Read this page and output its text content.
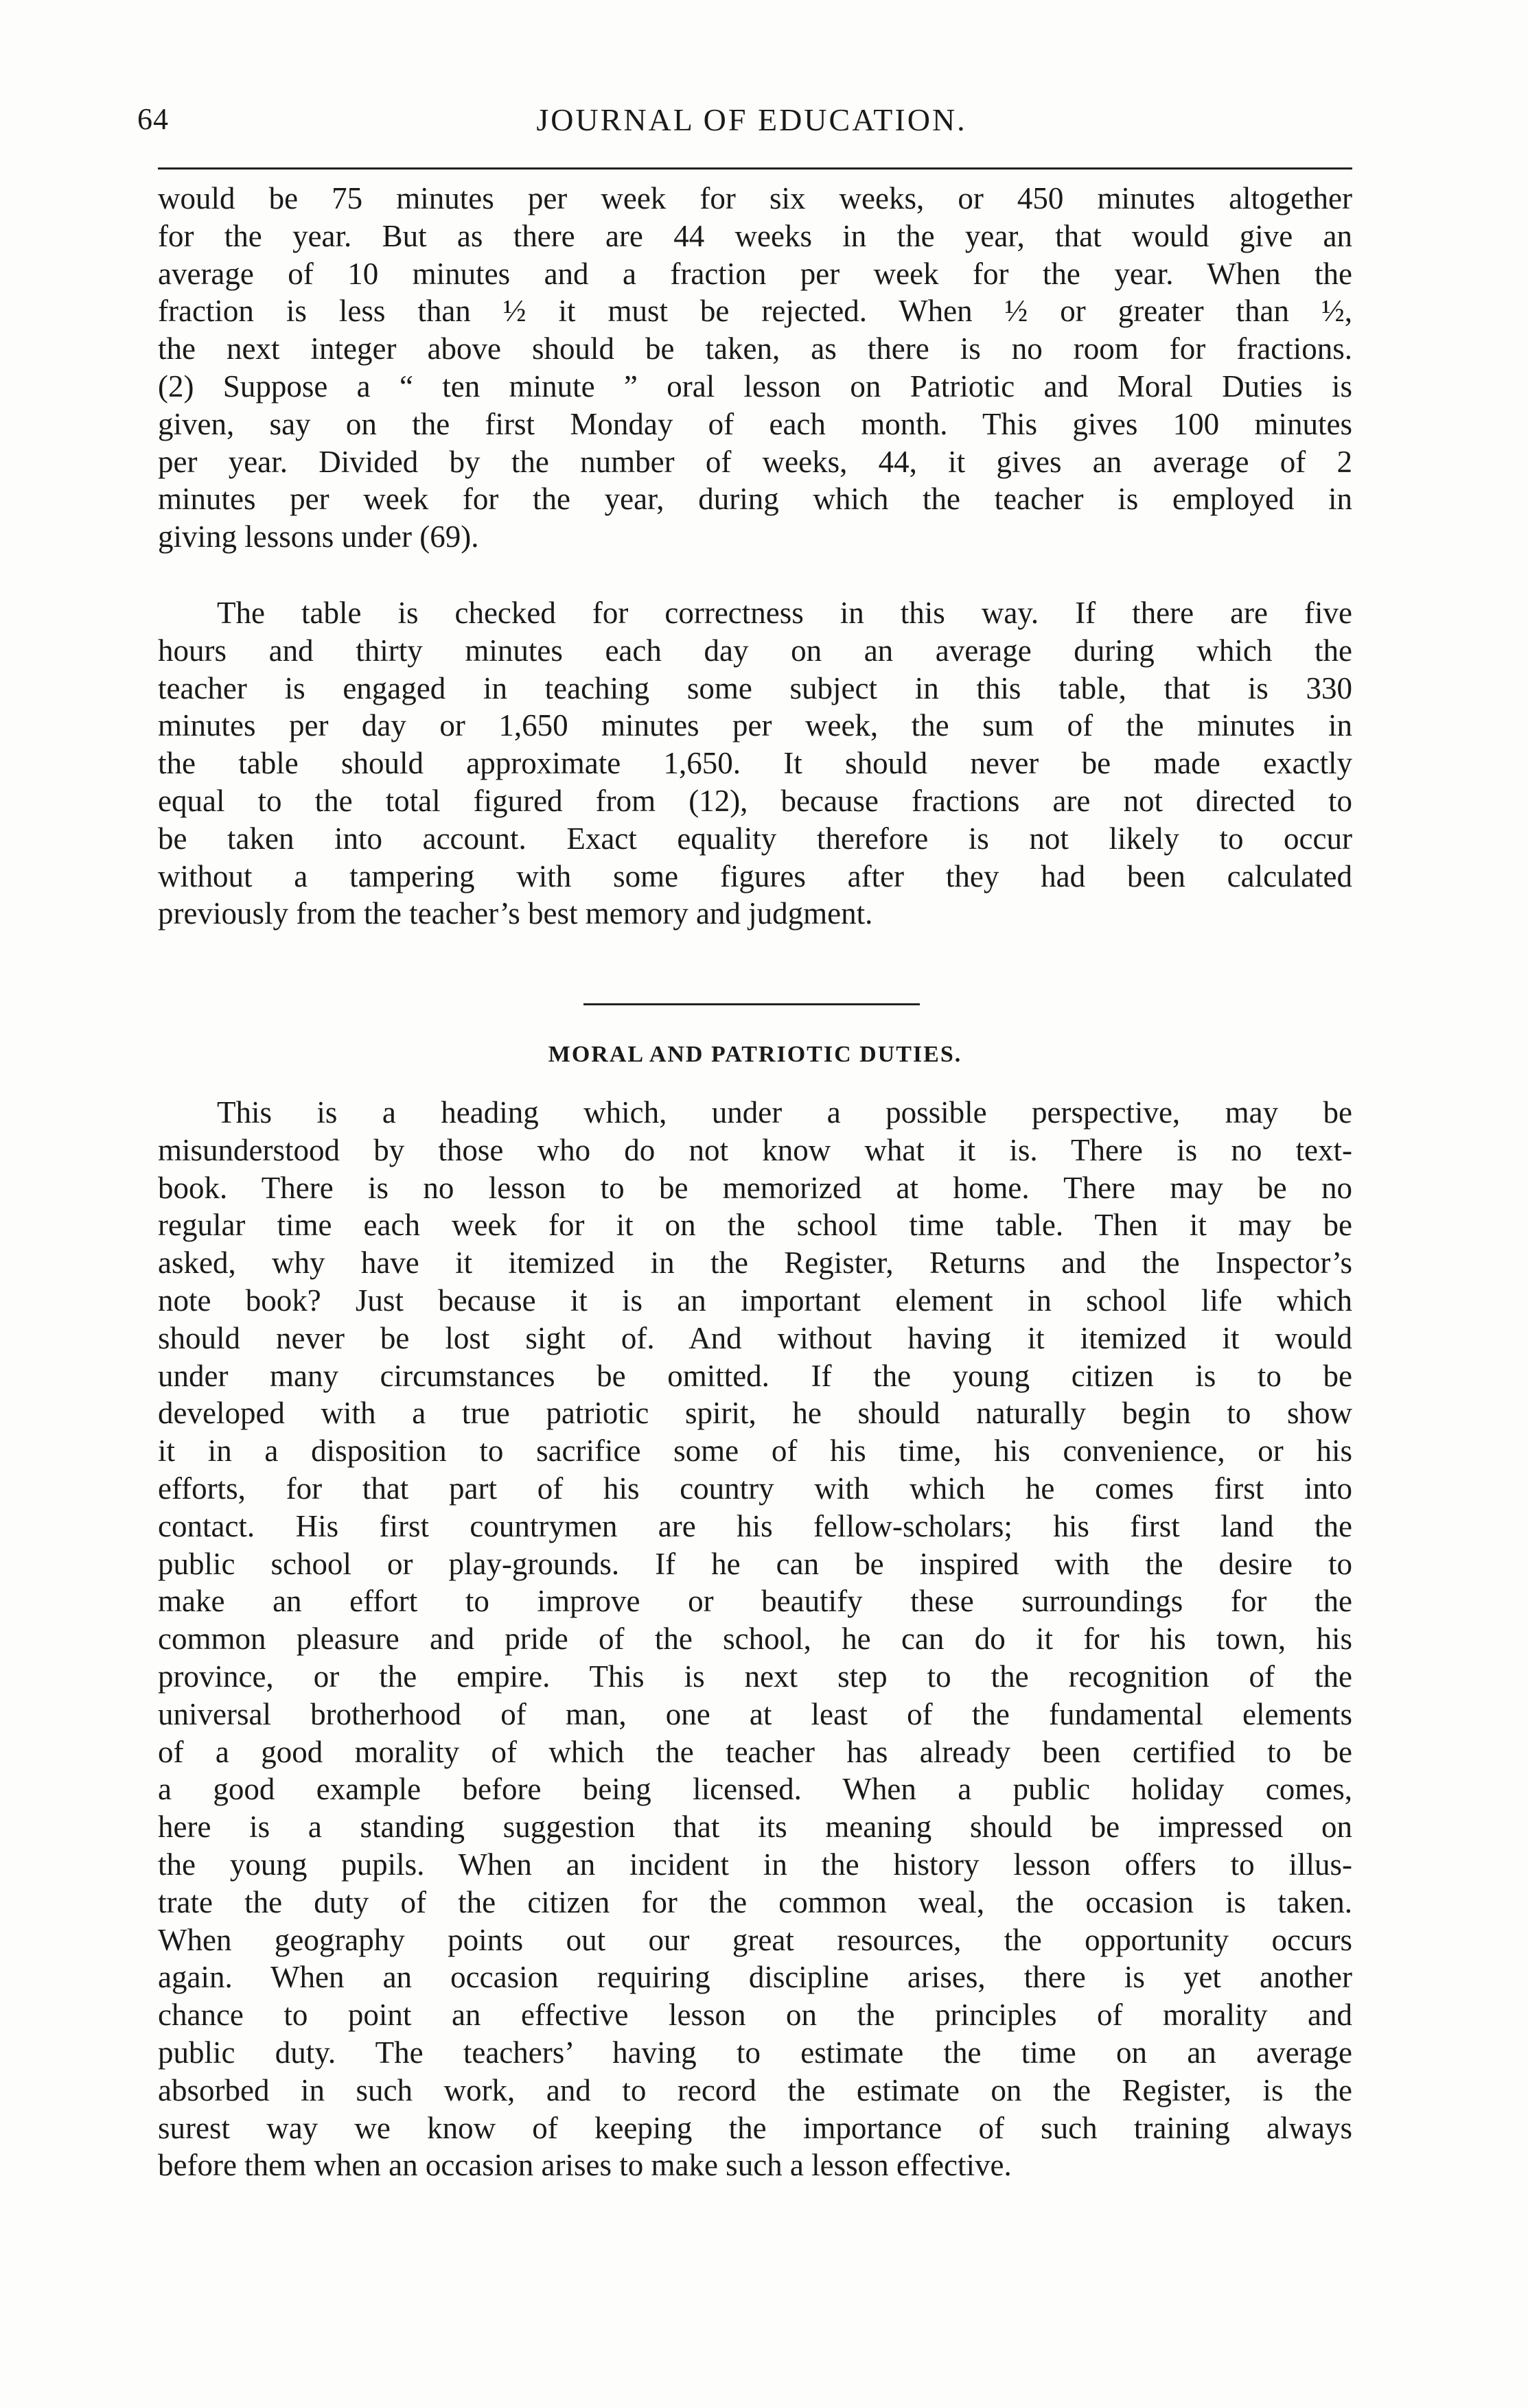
64	JOURNAL OF EDUCATION.
would be 75 minutes per week for six weeks, or 450 minutes altogether
for the year. But as there are 44 weeks in the year, that would give an
average of 10 minutes and a fraction per week for the year. When the
fraction is less than ½ it must be rejected. When ½ or greater than ½,
the next integer above should be taken, as there is no room for fractions.
(2) Suppose a “ ten minute ” oral lesson on Patriotic and Moral Duties is
given, say on the first Monday of each month. This gives 100 minutes
per year. Divided by the number of weeks, 44, it gives an average of 2
minutes per week for the year, during which the teacher is employed in
giving lessons under (69).
The table is checked for correctness in this way. If there are five
hours and thirty minutes each day on an average during which the
teacher is engaged in teaching some subject in this table, that is 330
minutes per day or 1,650 minutes per week, the sum of the minutes in
the table should approximate 1,650. It should never be made exactly
equal to the total figured from (12), because fractions are not directed to
be taken into account. Exact equality therefore is not likely to occur
without a tampering with some figures after they had been calculated
previously from the teacher’s best memory and judgment.
MORAL AND PATRIOTIC DUTIES.
This is a heading which, under a possible perspective, may be
misunderstood by those who do not know what it is. There is no text-
book. There is no lesson to be memorized at home. There may be no
regular time each week for it on the school time table. Then it may be
asked, why have it itemized in the Register, Returns and the Inspector’s
note book? Just because it is an important element in school life which
should never be lost sight of. And without having it itemized it would
under many circumstances be omitted. If the young citizen is to be
developed with a true patriotic spirit, he should naturally begin to show
it in a disposition to sacrifice some of his time, his convenience, or his
efforts, for that part of his country with which he comes first into
contact. His first countrymen are his fellow-scholars; his first land the
public school or play-grounds. If he can be inspired with the desire to
make an effort to improve or beautify these surroundings for the
common pleasure and pride of the school, he can do it for his town, his
province, or the empire. This is next step to the recognition of the
universal brotherhood of man, one at least of the fundamental elements
of a good morality of which the teacher has already been certified to be
a good example before being licensed. When a public holiday comes,
here is a standing suggestion that its meaning should be impressed on
the young pupils. When an incident in the history lesson offers to illus-
trate the duty of the citizen for the common weal, the occasion is taken.
When geography points out our great resources, the opportunity occurs
again. When an occasion requiring discipline arises, there is yet another
chance to point an effective lesson on the principles of morality and
public duty. The teachers’ having to estimate the time on an average
absorbed in such work, and to record the estimate on the Register, is the
surest way we know of keeping the importance of such training always
before them when an occasion arises to make such a lesson effective.
